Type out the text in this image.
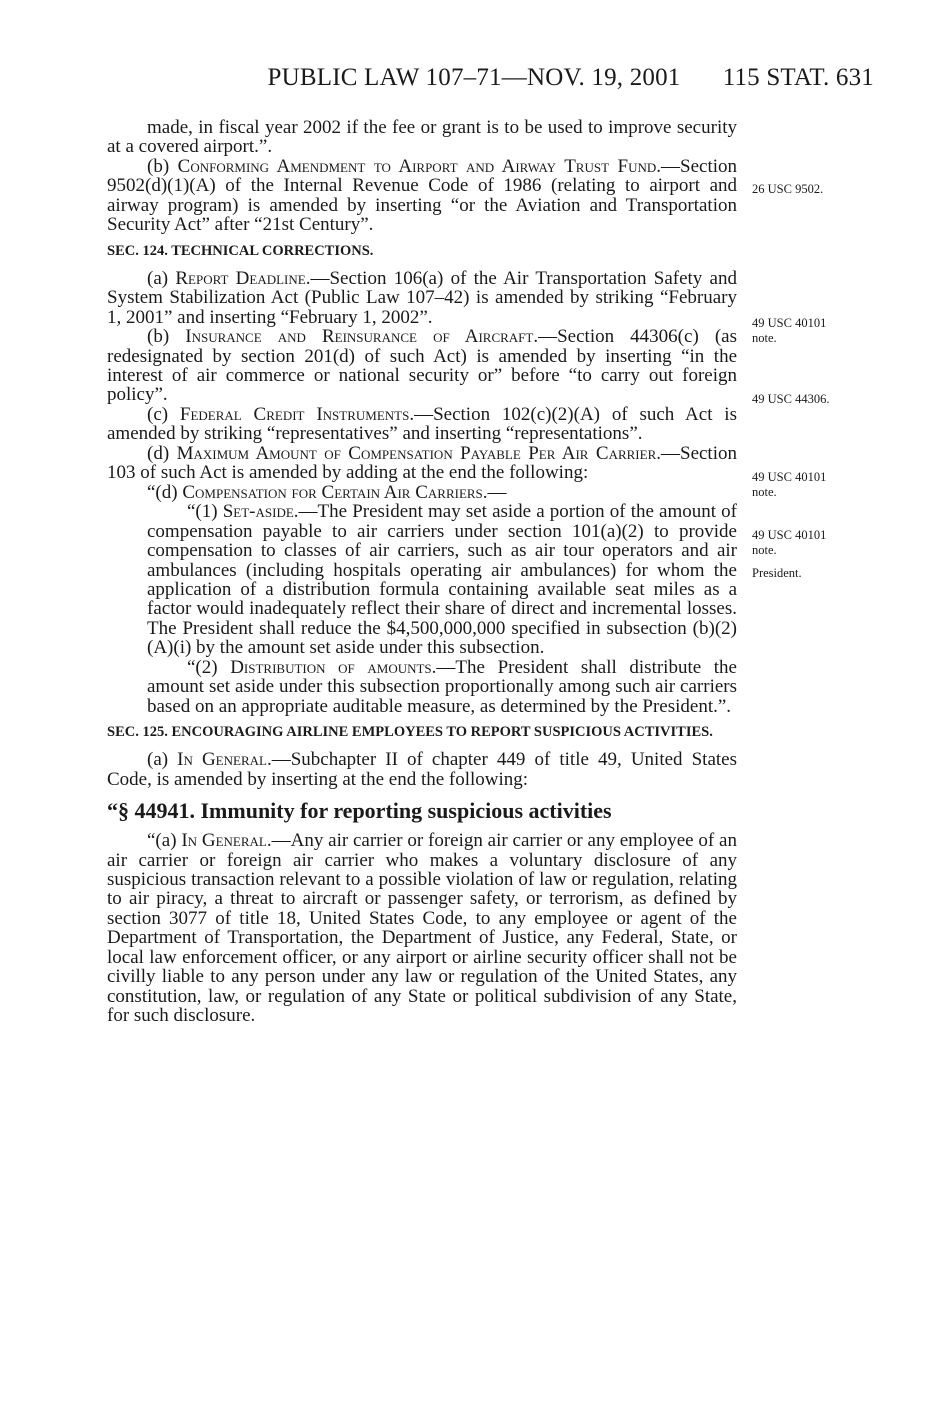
PUBLIC LAW 107–71—NOV. 19, 2001	115 STAT. 631
made, in fiscal year 2002 if the fee or grant is to be used to improve security at a covered airport.”.
(b) Conforming Amendment to Airport and Airway Trust Fund.—Section 9502(d)(1)(A) of the Internal Revenue Code of 1986 (relating to airport and airway program) is amended by inserting “or the Aviation and Transportation Security Act” after “21st Century”.
SEC. 124. TECHNICAL CORRECTIONS.
(a) Report Deadline.—Section 106(a) of the Air Transportation Safety and System Stabilization Act (Public Law 107–42) is amended by striking “February 1, 2001” and inserting “February 1, 2002”.
(b) Insurance and Reinsurance of Aircraft.—Section 44306(c) (as redesignated by section 201(d) of such Act) is amended by inserting “in the interest of air commerce or national security or” before “to carry out foreign policy”.
(c) Federal Credit Instruments.—Section 102(c)(2)(A) of such Act is amended by striking “representatives” and inserting “representations”.
(d) Maximum Amount of Compensation Payable Per Air Carrier.—Section 103 of such Act is amended by adding at the end the following:
“(d) Compensation for Certain Air Carriers.—
“(1) Set-aside.—The President may set aside a portion of the amount of compensation payable to air carriers under section 101(a)(2) to provide compensation to classes of air carriers, such as air tour operators and air ambulances (including hospitals operating air ambulances) for whom the application of a distribution formula containing available seat miles as a factor would inadequately reflect their share of direct and incremental losses. The President shall reduce the $4,500,000,000 specified in subsection (b)(2)(A)(i) by the amount set aside under this subsection.
“(2) Distribution of amounts.—The President shall distribute the amount set aside under this subsection proportionally among such air carriers based on an appropriate auditable measure, as determined by the President.”.
SEC. 125. ENCOURAGING AIRLINE EMPLOYEES TO REPORT SUSPICIOUS ACTIVITIES.
(a) In General.—Subchapter II of chapter 449 of title 49, United States Code, is amended by inserting at the end the following:
“§ 44941. Immunity for reporting suspicious activities
“(a) In General.—Any air carrier or foreign air carrier or any employee of an air carrier or foreign air carrier who makes a voluntary disclosure of any suspicious transaction relevant to a possible violation of law or regulation, relating to air piracy, a threat to aircraft or passenger safety, or terrorism, as defined by section 3077 of title 18, United States Code, to any employee or agent of the Department of Transportation, the Department of Justice, any Federal, State, or local law enforcement officer, or any airport or airline security officer shall not be civilly liable to any person under any law or regulation of the United States, any constitution, law, or regulation of any State or political subdivision of any State, for such disclosure.
26 USC 9502.
49 USC 40101
note.
49 USC 44306.
49 USC 40101
note.
49 USC 40101
note.
President.
